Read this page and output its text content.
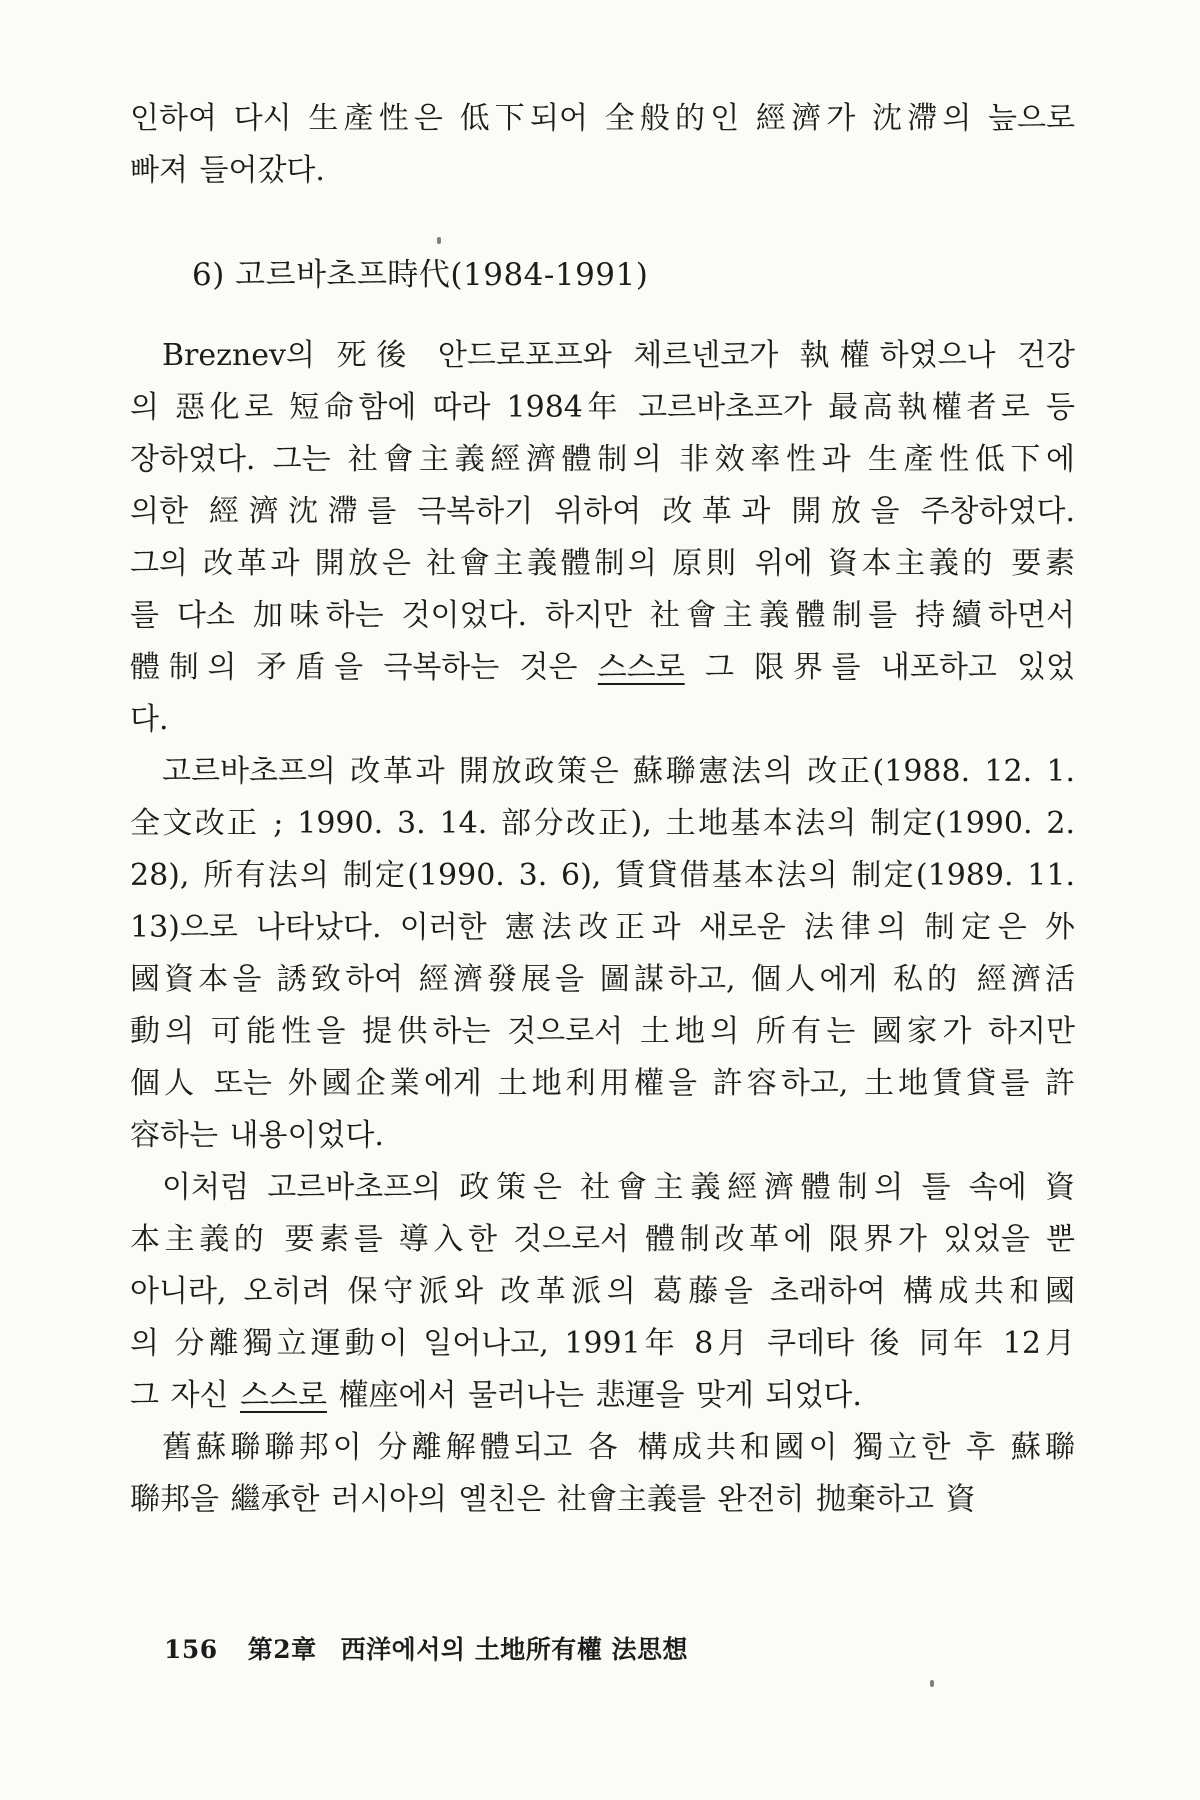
인하여 다시 生產性은 低下되어 全般的인 經濟가 沈滯의 늪으로
빠져 들어갔다.
6) 고르바초프時代(1984-1991)
Breznev의 死後 안드로포프와 체르넨코가 執權하였으나 건강
의 惡化로 短命함에 따라 1984年 고르바초프가 最高執權者로 등
장하였다. 그는 社會主義經濟體制의 非效率性과 生產性低下에
의한 經濟沈滯를 극복하기 위하여 改革과 開放을 주창하였다.
그의 改革과 開放은 社會主義體制의 原則 위에 資本主義的 要素
를 다소 加味하는 것이었다. 하지만 社會主義體制를 持續하면서
體制의 矛盾을 극복하는 것은 스스로 그 限界를 내포하고 있었
다.
고르바초프의 改革과 開放政策은 蘇聯憲法의 改正(1988. 12. 1.
全文改正 ; 1990. 3. 14. 部分改正), 土地基本法의 制定(1990. 2.
28), 所有法의 制定(1990. 3. 6), 賃貸借基本法의 制定(1989. 11.
13)으로 나타났다. 이러한 憲法改正과 새로운 法律의 制定은 外
國資本을 誘致하여 經濟發展을 圖謀하고, 個人에게 私的 經濟活
動의 可能性을 提供하는 것으로서 土地의 所有는 國家가 하지만
個人 또는 外國企業에게 土地利用權을 許容하고, 土地賃貸를 許
容하는 내용이었다.
이처럼 고르바초프의 政策은 社會主義經濟體制의 틀 속에 資
本主義的 要素를 導入한 것으로서 體制改革에 限界가 있었을 뿐
아니라, 오히려 保守派와 改革派의 葛藤을 초래하여 構成共和國
의 分離獨立運動이 일어나고, 1991年 8月 쿠데타 後 同年 12月
그 자신 스스로 權座에서 물러나는 悲運을 맞게 되었다.
舊蘇聯聯邦이 分離解體되고 各 構成共和國이 獨立한 후 蘇聯
聯邦을 繼承한 러시아의 옐친은 社會主義를 완전히 抛棄하고 資
156 第2章 西洋에서의 土地所有權 法思想
